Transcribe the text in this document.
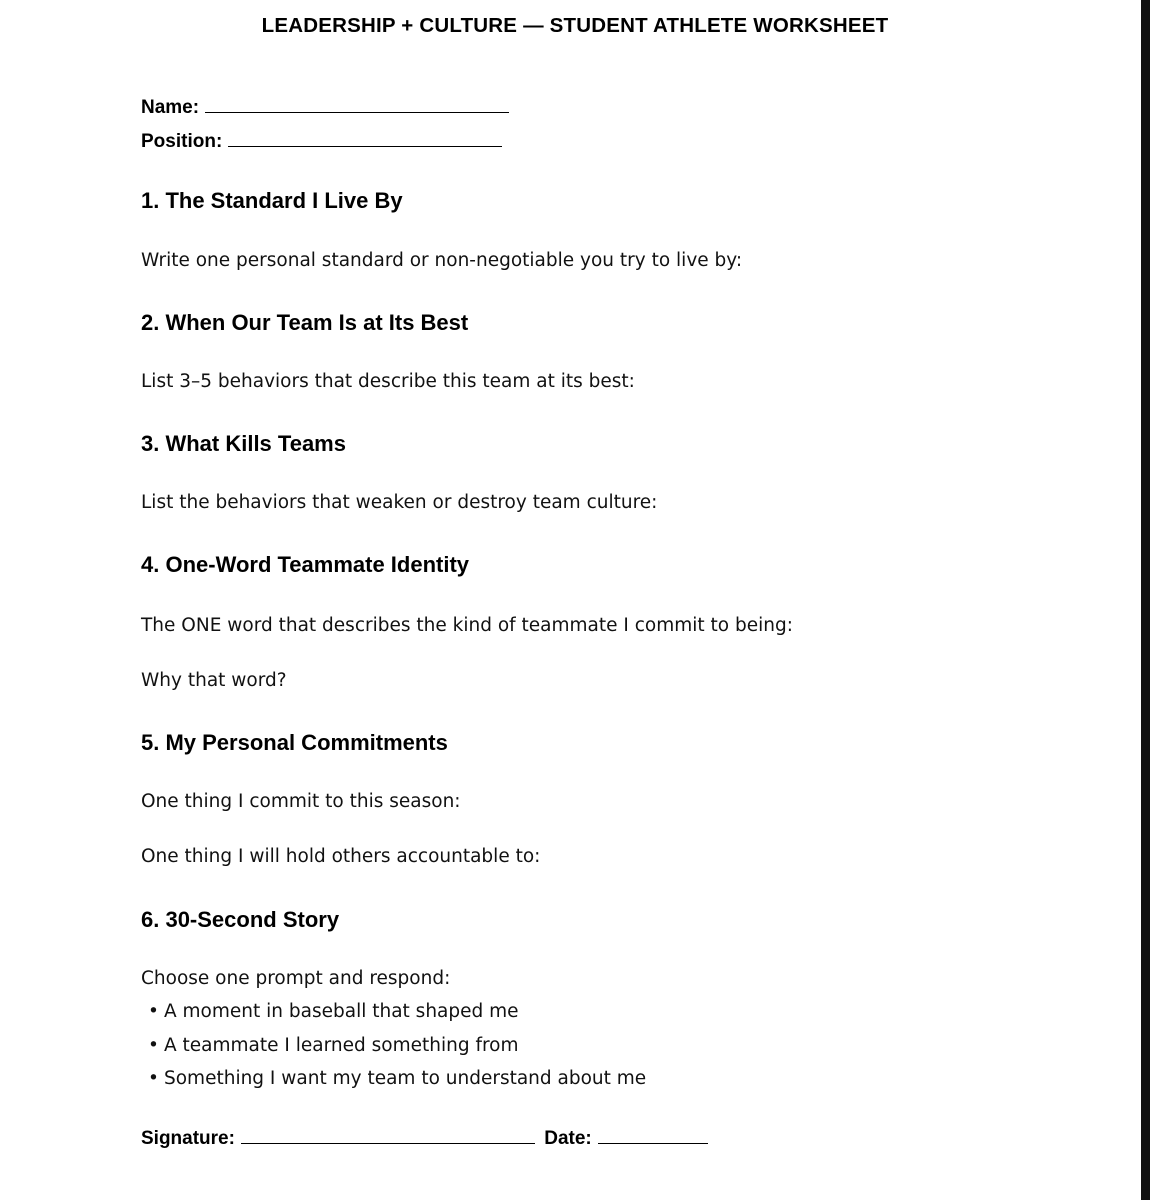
LEADERSHIP + CULTURE — STUDENT ATHLETE WORKSHEET
Name:
Position:
1. The Standard I Live By
Write one personal standard or non-negotiable you try to live by:
2. When Our Team Is at Its Best
List 3–5 behaviors that describe this team at its best:
3. What Kills Teams
List the behaviors that weaken or destroy team culture:
4. One-Word Teammate Identity
The ONE word that describes the kind of teammate I commit to being:
Why that word?
5. My Personal Commitments
One thing I commit to this season:
One thing I will hold others accountable to:
6. 30-Second Story
Choose one prompt and respond:
• A moment in baseball that shaped me
• A teammate I learned something from
• Something I want my team to understand about me
Signature:	Date:
